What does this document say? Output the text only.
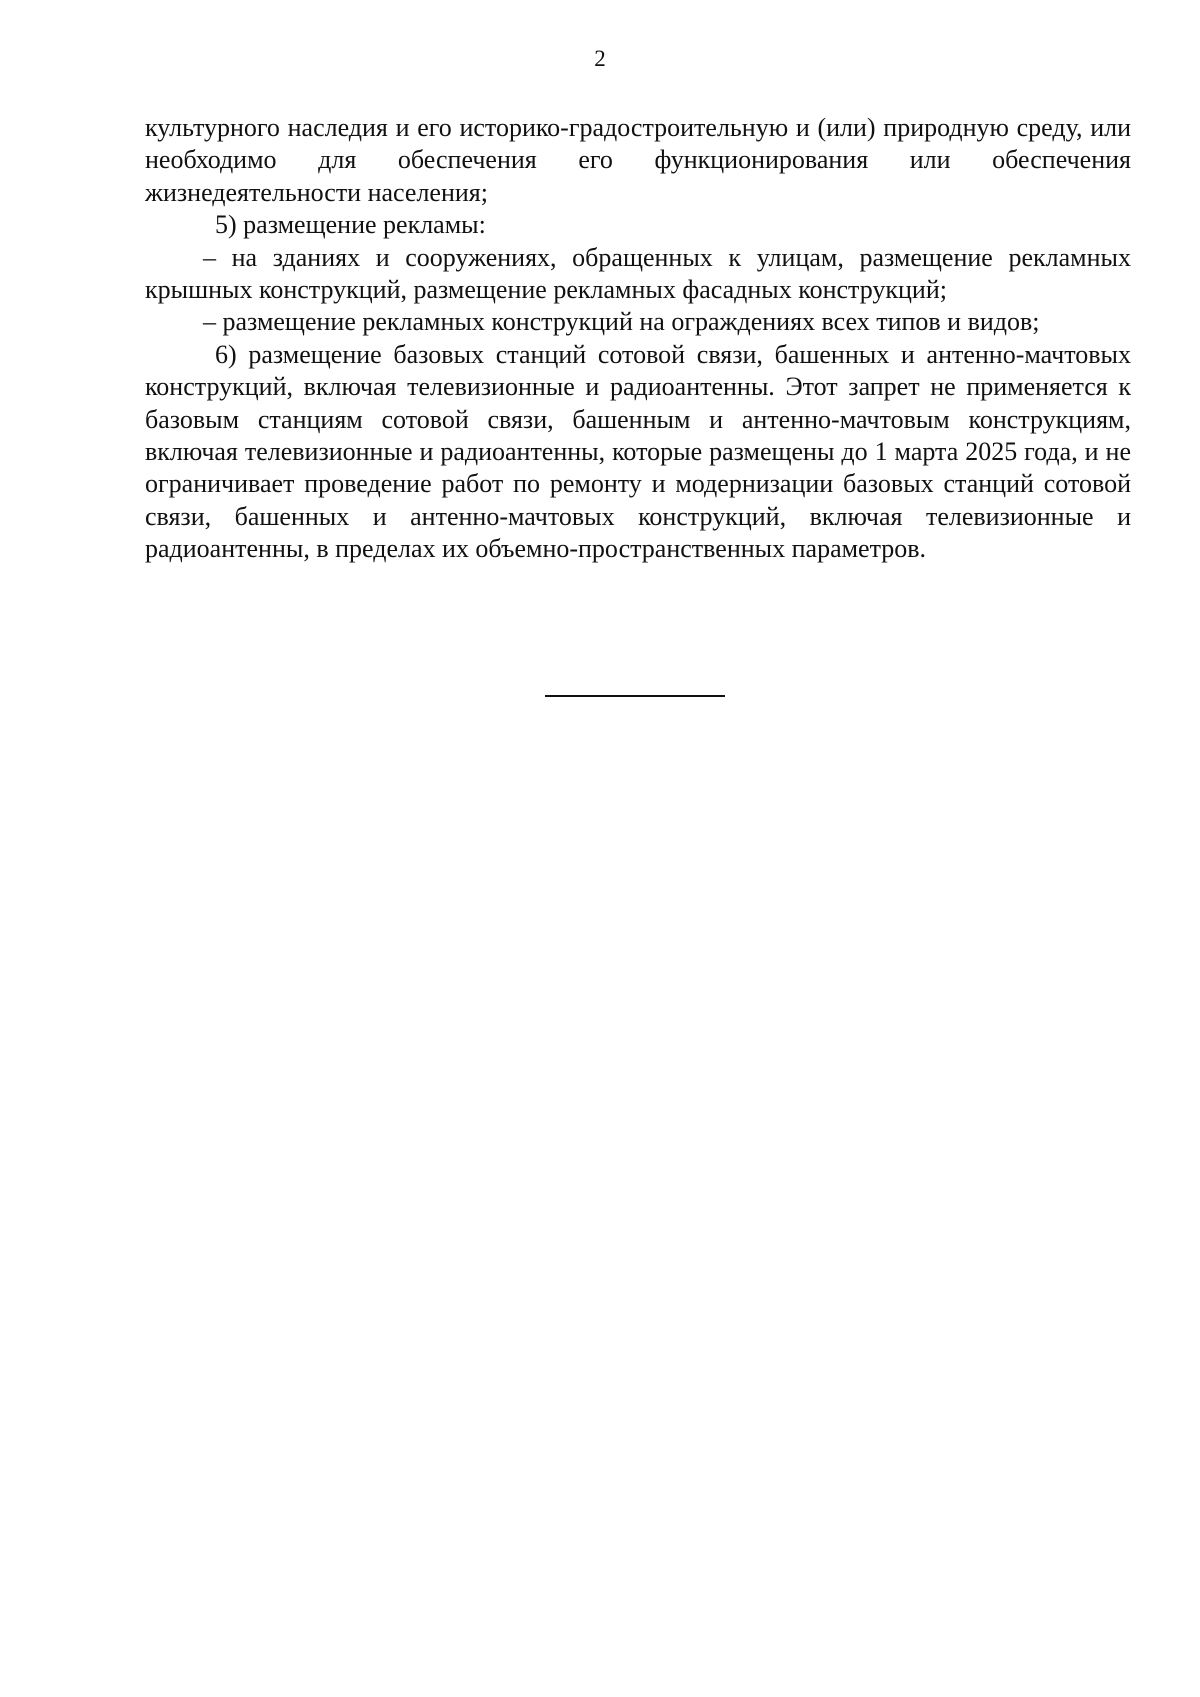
2

культурного наследия и его историко-градостроительную и (или) природную среду, или необходимо для обеспечения его функционирования или обеспечения жизнедеятельности населения;

5) размещение рекламы:

– на зданиях и сооружениях, обращенных к улицам, размещение рекламных крышных конструкций, размещение рекламных фасадных конструкций;

– размещение рекламных конструкций на ограждениях всех типов и видов;

6) размещение базовых станций сотовой связи, башенных и антенно-мачтовых конструкций, включая телевизионные и радиоантенны. Этот запрет не применяется к базовым станциям сотовой связи, башенным и антенно-мачтовым конструкциям, включая телевизионные и радиоантенны, которые размещены до 1 марта 2025 года, и не ограничивает проведение работ по ремонту и модернизации базовых станций сотовой связи, башенных и антенно-мачтовых конструкций, включая телевизионные и радиоантенны, в пределах их объемно-пространственных параметров.
